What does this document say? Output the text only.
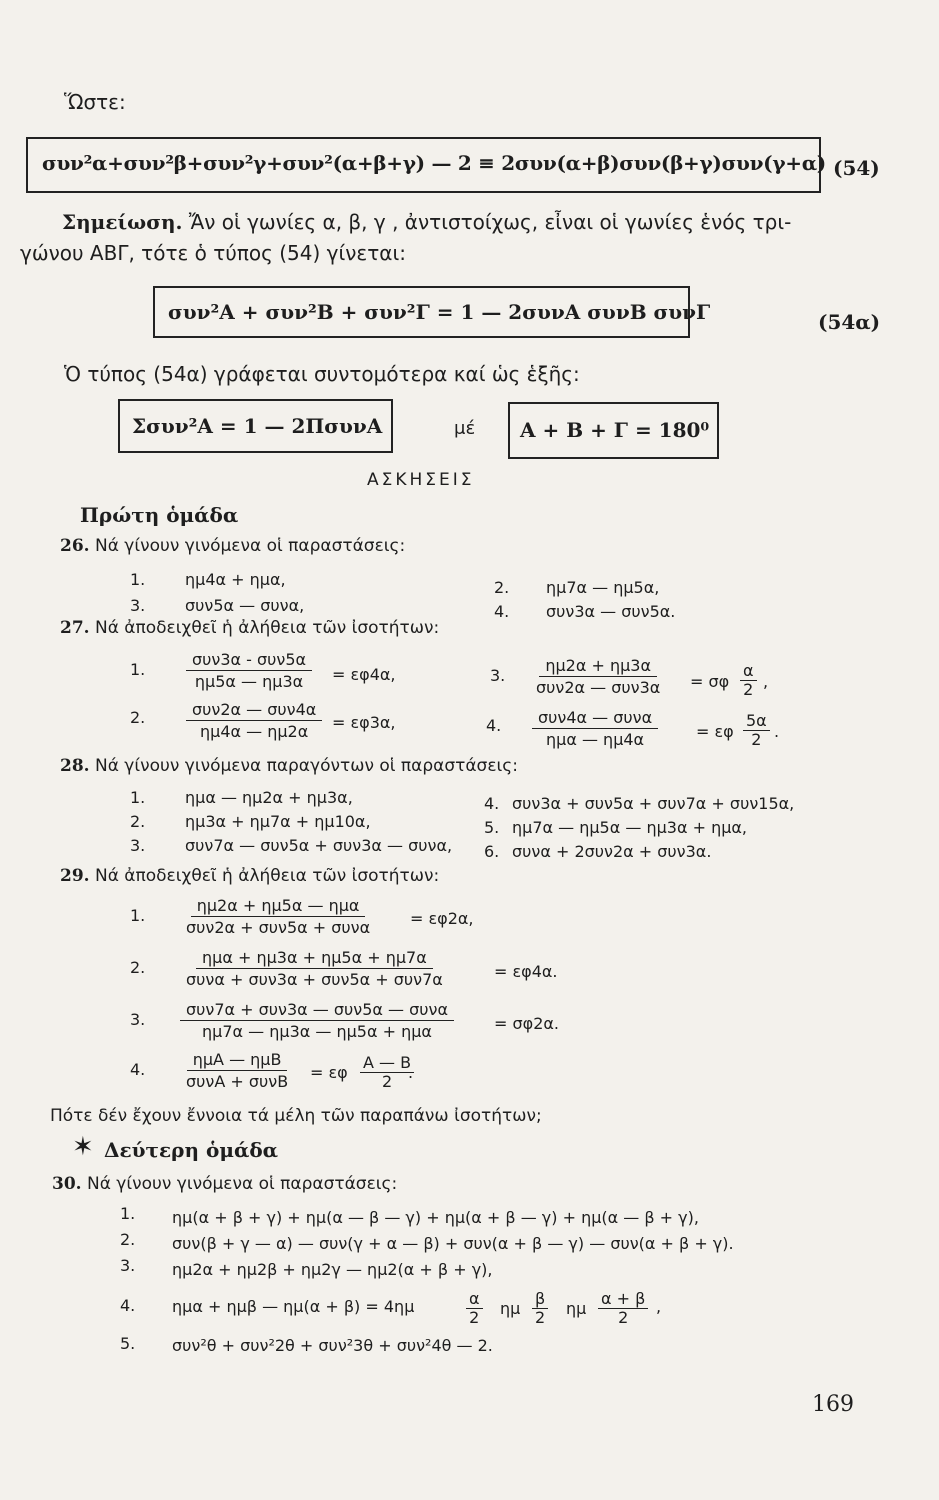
Ὥστε:
συν²α+συν²β+συν²γ+συν²(α+β+γ) — 2 ≡ 2συν(α+β)συν(β+γ)συν(γ+α) (54)
Σημείωση. Ἄν οἱ γωνίες α, β, γ , ἀντιστοίχως, εἶναι οἱ γωνίες ἑνός τρι-
γώνου ΑΒΓ, τότε ὁ τύπος (54) γίνεται:
συν²Α + συν²Β + συν²Γ = 1 — 2συνΑ συνΒ συνΓ	(54α)
Ὁ τύπος (54α) γράφεται συντομότερα καί ὡς ἑξῆς:
Σσυν²Α = 1 — 2ΠσυνΑ	μέ Α + Β + Γ = 180⁰
ΑΣΚΗΣΕΙΣ
Πρώτη ὁμάδα
26. Νά γίνουν γινόμενα οἱ παραστάσεις:
1. ημ4α + ημα,	2. ημ7α — ημ5α,
3. συν5α — συνα,	4. συν3α — συν5α.
27. Νά ἀποδειχθεῖ ἡ ἀλήθεια τῶν ἰσοτήτων:
1.
συν3α - συν5α
ημ5α — ημ3α	= εφ4α,
2.	συν2α — συν4α
ημ4α — ημ2α	= εφ3α,
3.
ημ2α + ημ3α
συν2α — συν3α	= σφ $\frac{\alpha}{2}$ ,
4.	συν4α — συνα
ημα — ημ4α	= εφ $\frac{5\alpha}{2}$ .
28. Νά γίνουν γινόμενα παραγόντων οἱ παραστάσεις:
1. ημα — ημ2α + ημ3α,
2. ημ3α + ημ7α + ημ10α,
3. συν7α — συν5α + συν3α — συνα,
4. συν3α + συν5α + συν7α + συν15α,
5. ημ7α — ημ5α — ημ3α + ημα,
6. συνα + 2συν2α + συν3α.
29. Νά ἀποδειχθεῖ ἡ ἀλήθεια τῶν ἰσοτήτων:
1.
ημ2α + ημ5α — ημα
συν2α + συν5α + συνα	= εφ2α,
2.
ημα + ημ3α + ημ5α + ημ7α
συνα + συν3α + συν5α + συν7α	= εφ4α.
3.
συν7α + συν3α — συν5α — συνα
ημ7α — ημ3α — ημ5α + ημα	= σφ2α.
4.
ημΑ — ημΒ
συνΑ + συνΒ	= εφ $\frac{A — B}{2}$
.
Πότε δέν ἔχουν ἔννοια τά μέλη τῶν παραπάνω ἰσοτήτων;
✶ Δεύτερη ὁμάδα
30. Νά γίνουν γινόμενα οἱ παραστάσεις:
1. ημ(α + β + γ) + ημ(α — β — γ) + ημ(α + β — γ) + ημ(α — β + γ),
2. συν(β + γ — α) — συν(γ + α — β) + συν(α + β — γ) — συν(α + β + γ).
3. ημ2α + ημ2β + ημ2γ — ημ2(α + β + γ),
4. ημα + ημβ — ημ(α + β) = 4ημ	$\frac{\alpha}{2}$ ημ $\frac{\beta}{2}$ ημ $\frac{\alpha + \beta}{2}$ ,
5. συν²θ + συν²2θ + συν²3θ + συν²4θ — 2.
169
